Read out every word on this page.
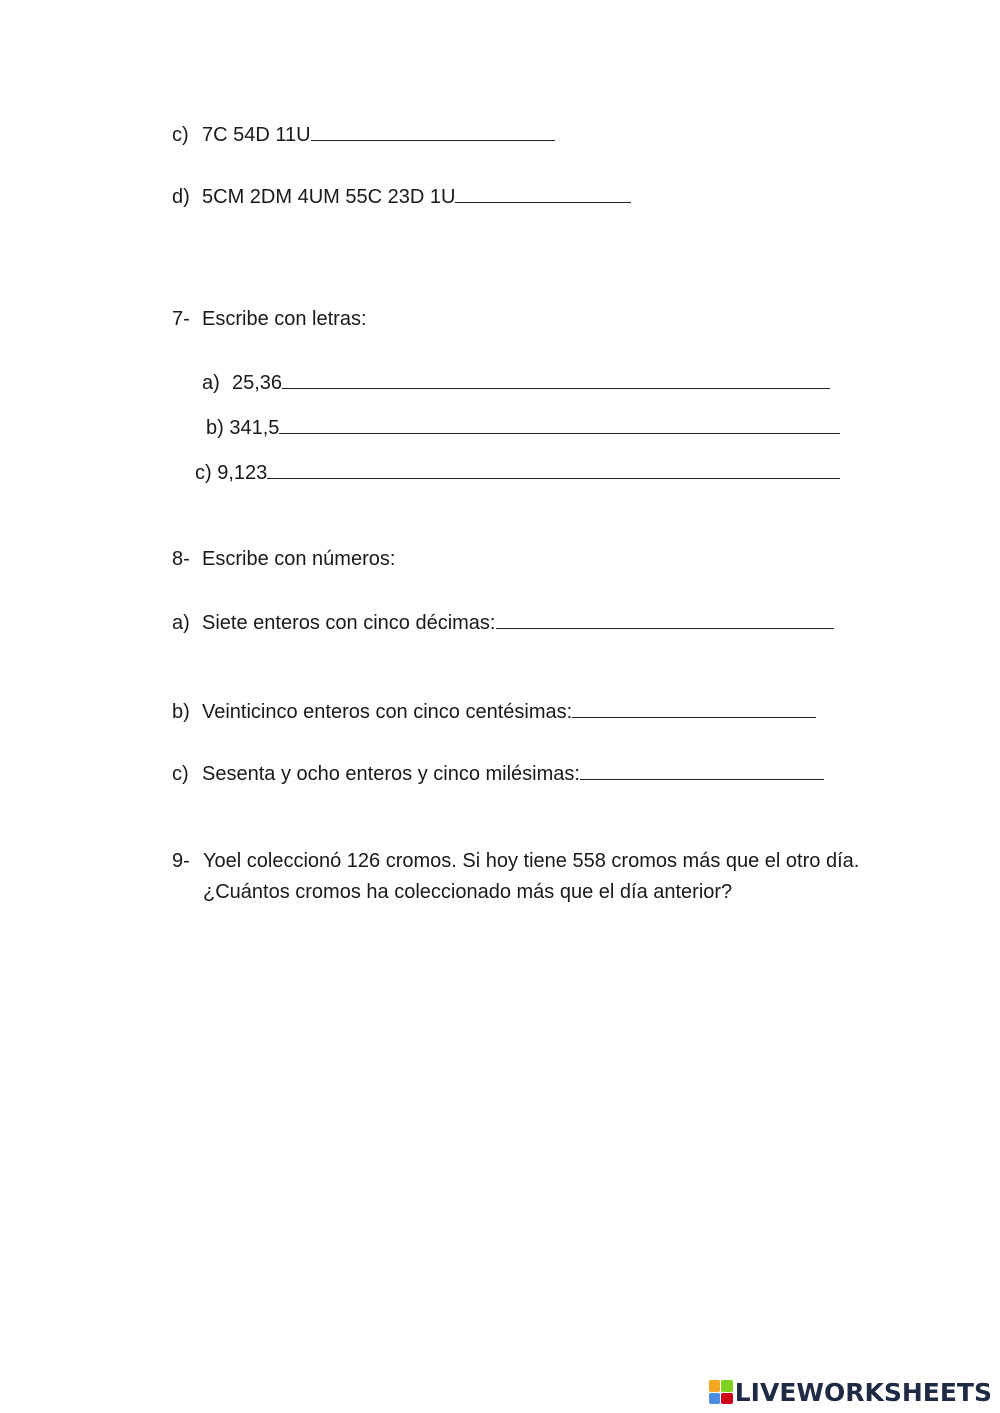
c) 7C 54D 11U
d) 5CM 2DM 4UM 55C 23D 1U
7- Escribe con letras:
a) 25,36
b) 341,5
c) 9,123
8- Escribe con números:
a) Siete enteros con cinco décimas:
b) Veinticinco enteros con cinco centésimas:
c) Sesenta y ocho enteros y cinco milésimas:
9- Yoel coleccionó 126 cromos. Si hoy tiene 558 cromos más que el otro día. ¿Cuántos cromos ha coleccionado más que el día anterior?
LIVEWORKSHEETS
